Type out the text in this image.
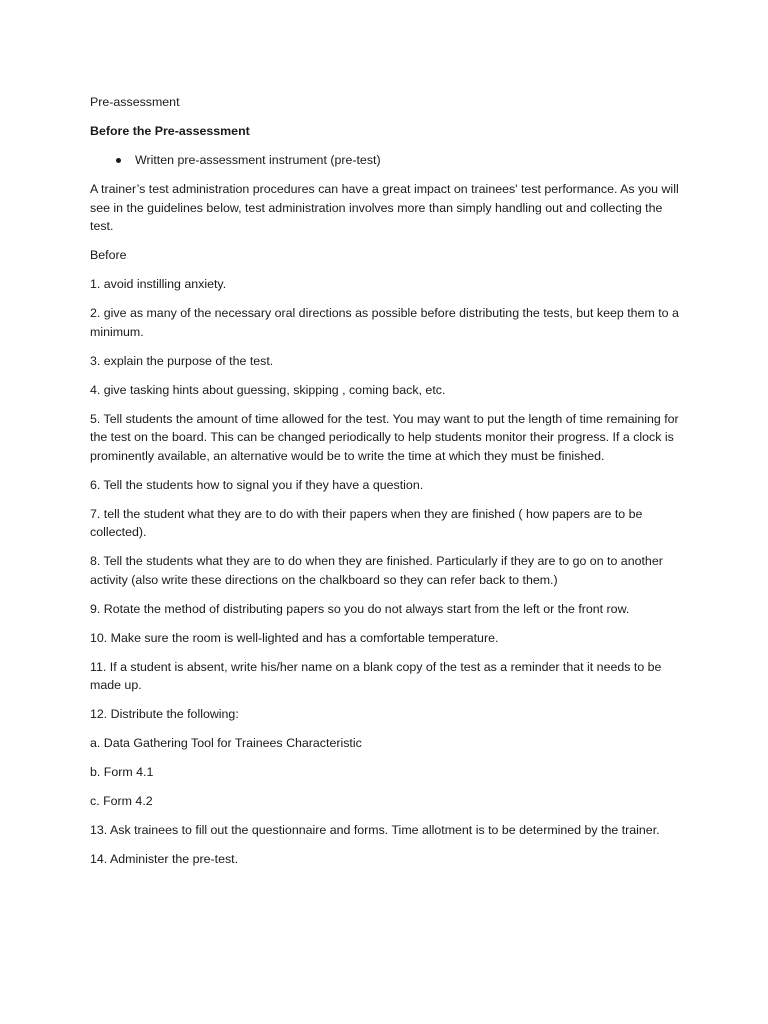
Pre-assessment

Before the Pre-assessment

Written pre-assessment instrument (pre-test)

A trainer’s test administration procedures can have a great impact on trainees' test performance. As you will see in the guidelines below, test administration involves more than simply handling out and collecting the test.

Before

1. avoid instilling anxiety.

2. give as many of the necessary oral directions as possible before distributing the tests, but keep them to a minimum.

3. explain the purpose of the test.

4. give tasking hints about guessing, skipping , coming back, etc.

5. Tell students the amount of time allowed for the test. You may want to put the length of time remaining for the test on the board. This can be changed periodically to help students monitor their progress. If a clock is prominently available, an alternative would be to write the time at which they must be finished.

6. Tell the students how to signal you if they have a question.

7. tell the student what they are to do with their papers when they are finished ( how papers are to be collected).

8. Tell the students what they are to do when they are finished. Particularly if they are to go on to another activity (also write these directions on the chalkboard so they can refer back to them.)

9. Rotate the method of distributing papers so you do not always start from the left or the front row.

10. Make sure the room is well-lighted and has a comfortable temperature.

11. If a student is absent, write his/her name on a blank copy of the test as a reminder that it needs to be made up.

12. Distribute the following:

a. Data Gathering Tool for Trainees Characteristic

b. Form 4.1

c. Form 4.2

13. Ask trainees to fill out the questionnaire and forms. Time allotment is to be determined by the trainer.

14. Administer the pre-test.
